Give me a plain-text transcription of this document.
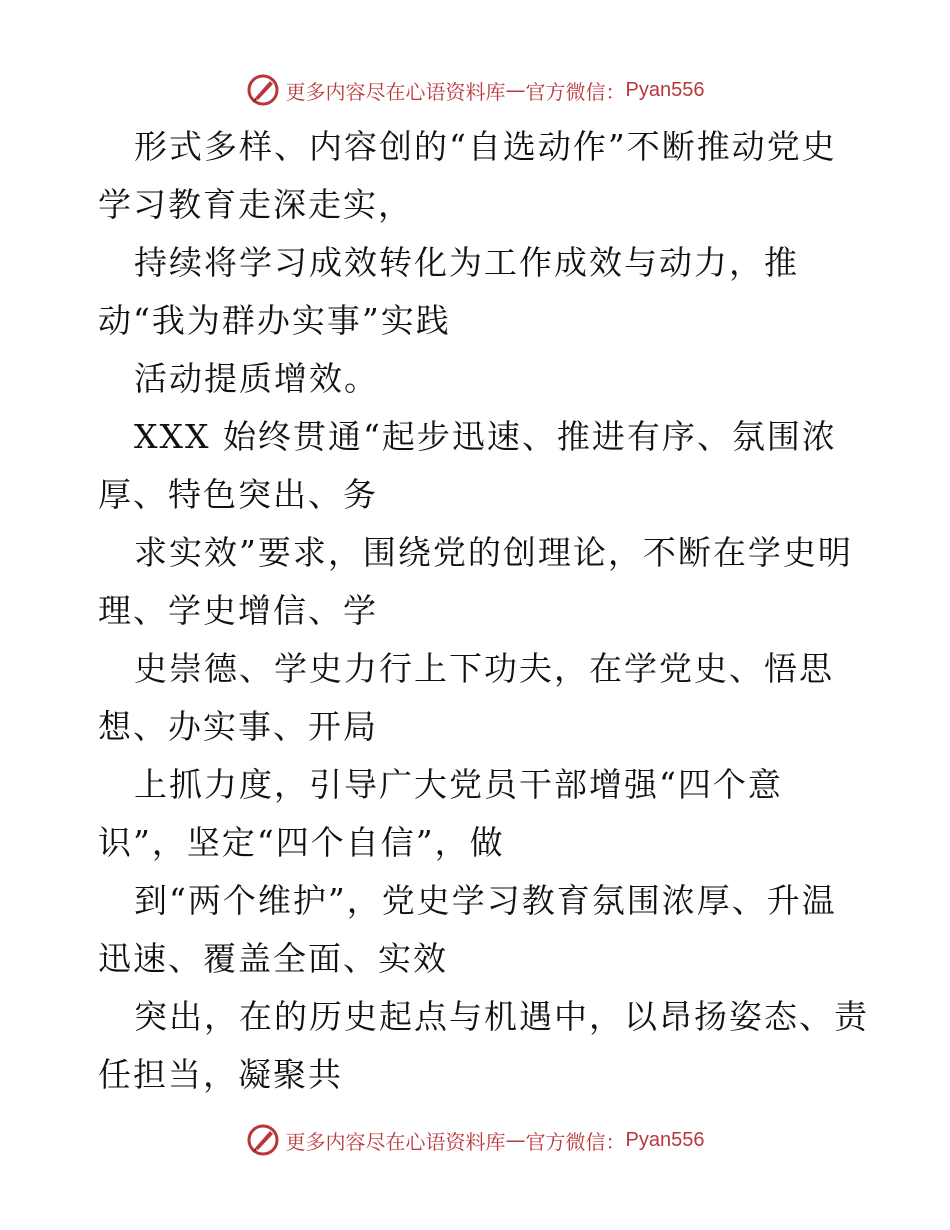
更多内容尽在心语资料库 — 官方微信： Pyan556
形式多样、内容创的“自选动作”不断推动党史
学习教育走深走实，
持续将学习成效转化为工作成效与动力，推
动“我为群办实事”实践
活动提质增效。
XXX 始终贯通“起步迅速、推进有序、氛围浓
厚、特色突出、务
求实效”要求，围绕党的创理论，不断在学史明
理、学史增信、学
史崇德、学史力行上下功夫，在学党史、悟思
想、办实事、开局
上抓力度，引导广大党员干部增强“四个意
识”，坚定“四个自信”，做
到“两个维护”，党史学习教育氛围浓厚、升温
迅速、覆盖全面、实效
突出，在的历史起点与机遇中，以昂扬姿态、责
任担当，凝聚共
更多内容尽在心语资料库 — 官方微信： Pyan556
